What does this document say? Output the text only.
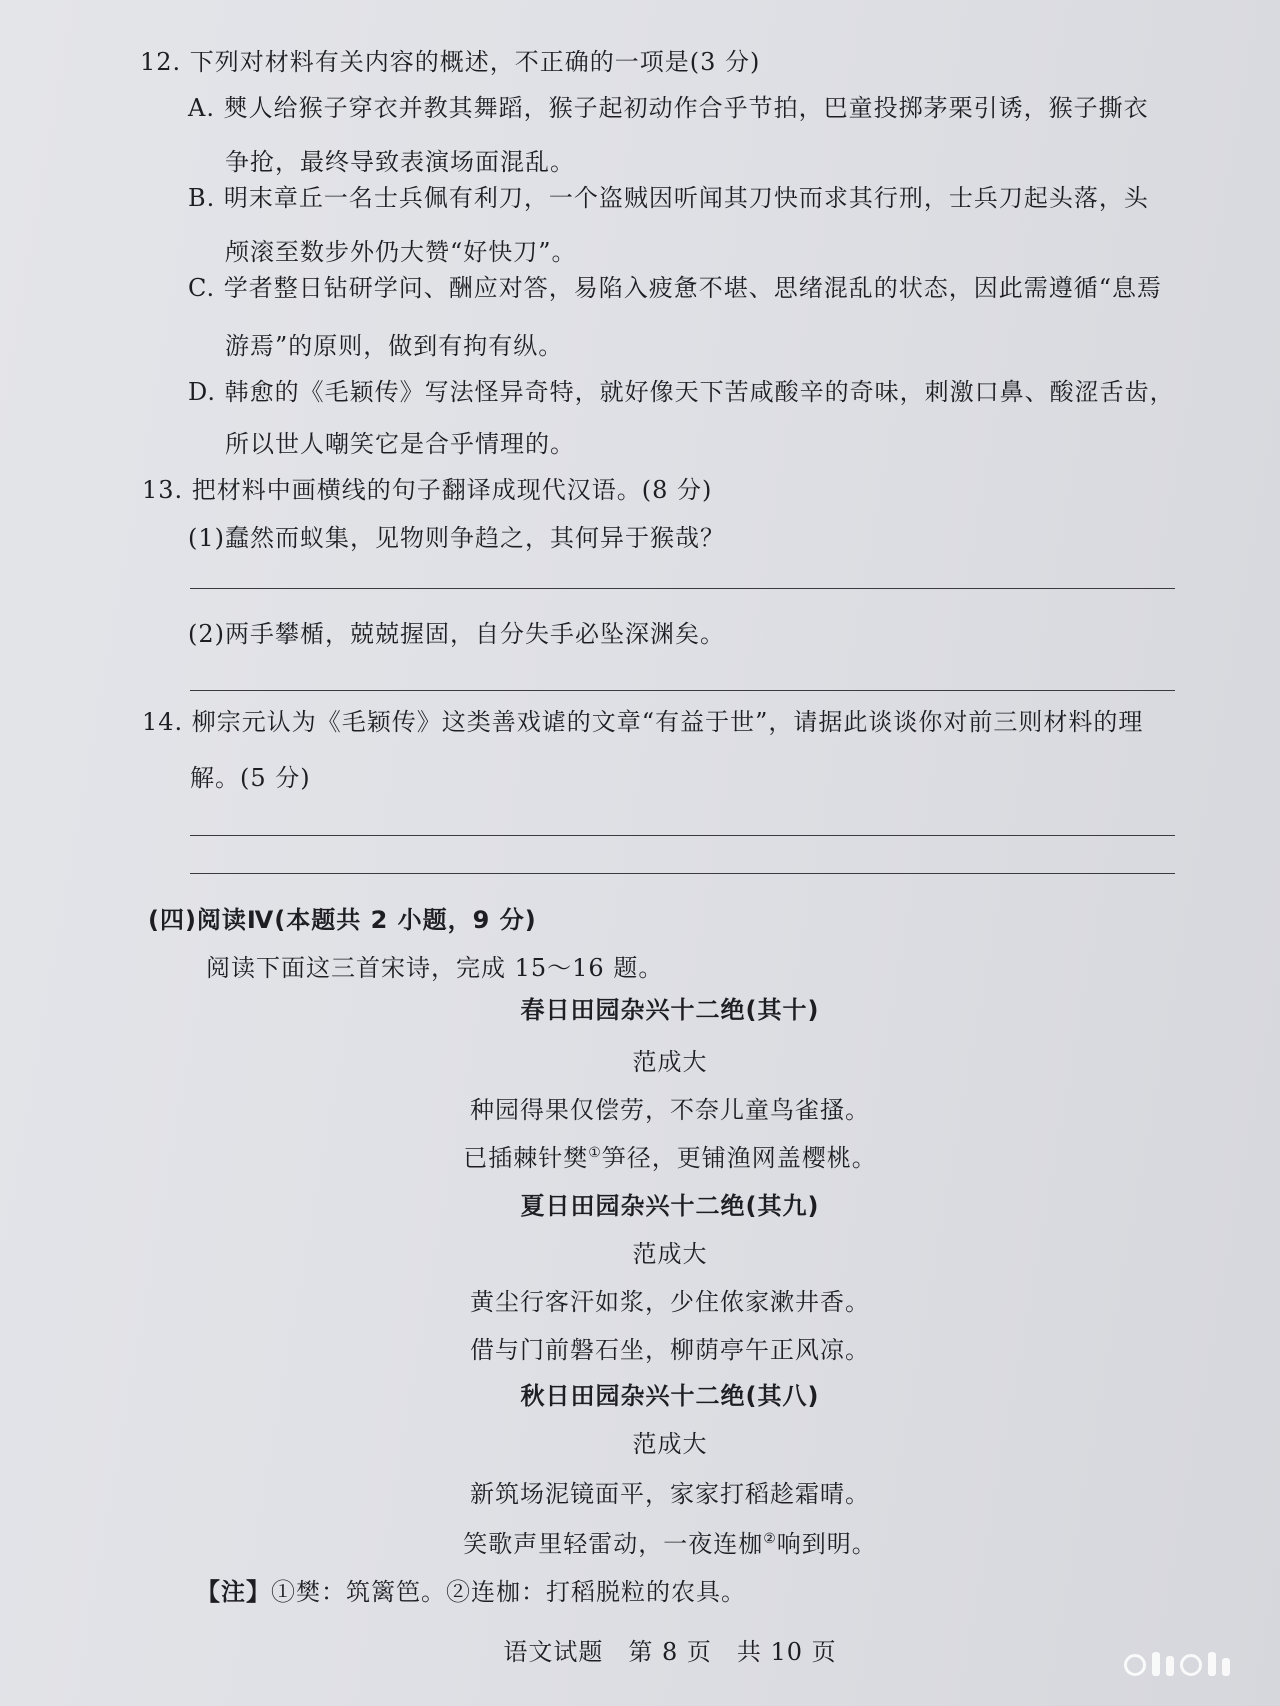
12. 下列对材料有关内容的概述，不正确的一项是(3 分)
A. 僰人给猴子穿衣并教其舞蹈，猴子起初动作合乎节拍，巴童投掷茅栗引诱，猴子撕衣
争抢，最终导致表演场面混乱。
B. 明末章丘一名士兵佩有利刀，一个盗贼因听闻其刀快而求其行刑，士兵刀起头落，头
颅滚至数步外仍大赞“好快刀”。
C. 学者整日钻研学问、酬应对答，易陷入疲惫不堪、思绪混乱的状态，因此需遵循“息焉
游焉”的原则，做到有拘有纵。
D. 韩愈的《毛颖传》写法怪异奇特，就好像天下苦咸酸辛的奇味，刺激口鼻、酸涩舌齿，
所以世人嘲笑它是合乎情理的。
13. 把材料中画横线的句子翻译成现代汉语。(8 分)
(1)蠢然而蚁集，见物则争趋之，其何异于猴哉？
(2)两手攀楯，兢兢握固，自分失手必坠深渊矣。
14. 柳宗元认为《毛颖传》这类善戏谑的文章“有益于世”，请据此谈谈你对前三则材料的理
解。(5 分)
(四)阅读Ⅳ(本题共 2 小题，9 分)
阅读下面这三首宋诗，完成 15～16 题。
春日田园杂兴十二绝(其十)
范成大
种园得果仅偿劳，不奈儿童鸟雀搔。
已插棘针樊①笋径，更铺渔网盖樱桃。
夏日田园杂兴十二绝(其九)
范成大
黄尘行客汗如浆，少住侬家漱井香。
借与门前磐石坐，柳荫亭午正风凉。
秋日田园杂兴十二绝(其八)
范成大
新筑场泥镜面平，家家打稻趁霜晴。
笑歌声里轻雷动，一夜连枷②响到明。
【注】①樊：筑篱笆。②连枷：打稻脱粒的农具。
语文试题　第 8 页　共 10 页
